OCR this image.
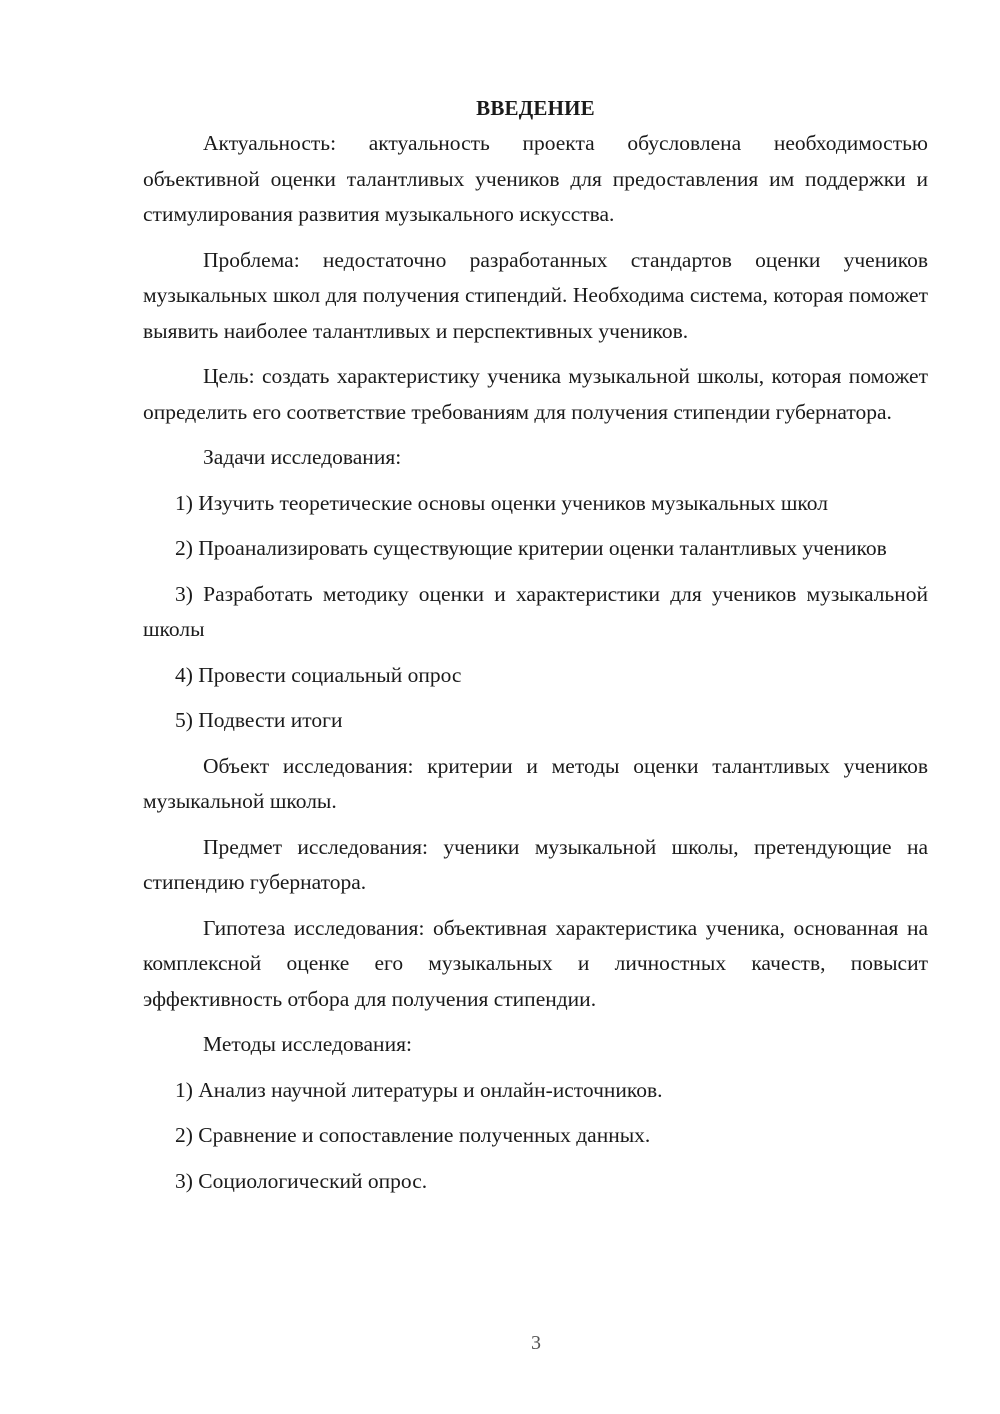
ВВЕДЕНИЕ

Актуальность: актуальность проекта обусловлена необходимостью объективной оценки талантливых учеников для предоставления им поддержки и стимулирования развития музыкального искусства.

Проблема: недостаточно разработанных стандартов оценки учеников музыкальных школ для получения стипендий. Необходима система, которая поможет выявить наиболее талантливых и перспективных учеников.

Цель: создать характеристику ученика музыкальной школы, которая поможет определить его соответствие требованиям для получения стипендии губернатора.

Задачи исследования:

1) Изучить теоретические основы оценки учеников музыкальных школ

2) Проанализировать существующие критерии оценки талантливых учеников

3) Разработать методику оценки и характеристики для учеников музыкальной школы

4) Провести социальный опрос

5) Подвести итоги

Объект исследования: критерии и методы оценки талантливых учеников музыкальной школы.

Предмет исследования: ученики музыкальной школы, претендующие на стипендию губернатора.

Гипотеза исследования: объективная характеристика ученика, основанная на комплексной оценке его музыкальных и личностных качеств, повысит эффективность отбора для получения стипендии.

Методы исследования:

1) Анализ научной литературы и онлайн-источников.

2) Сравнение и сопоставление полученных данных.

3) Социологический опрос.

3
